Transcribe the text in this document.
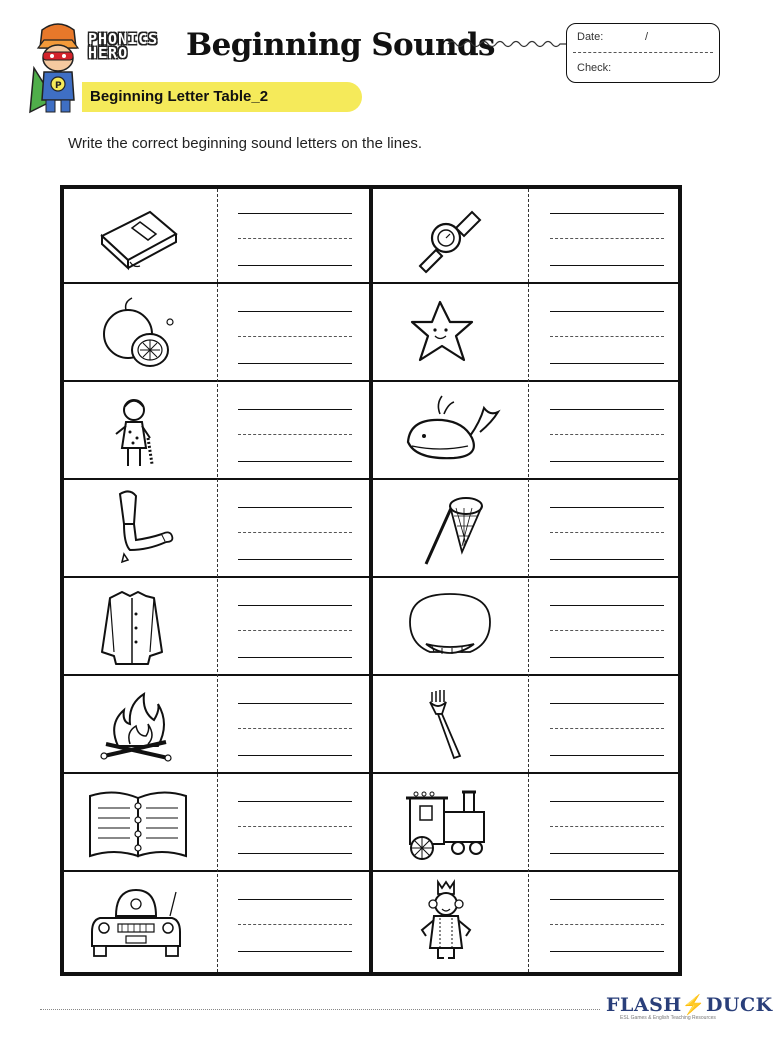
P
PHONICS
HERO	Beginning Sounds
Beginning Letter Table_2
Date:	/
Check:
Write the correct beginning sound letters on the lines.
FLASH⚡DUCK
ESL Games & English Teaching Resources
